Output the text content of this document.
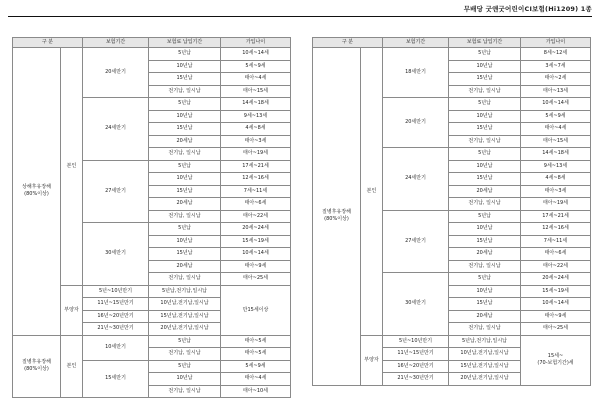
무배당 굿앤굿어린이CI보험(Hi1209) 1종
구 분		보험기간	보험료 납입기간	가입나이
상해후유장해
(80%이상)	본인	20세만기	5년납	10세~14세
			10년납	5세~9세
			15년납	태아~4세
			전기납, 일시납	태아~15세
		24세만기	5년납	14세~18세
			10년납	9세~13세
			15년납	4세~8세
			20세납	태아~3세
			전기납, 일시납	태아~19세
		27세만기	5년납	17세~21세
			10년납	12세~16세
			15년납	7세~11세
			20세납	태아~6세
			전기납, 일시납	태아~22세
		30세만기	5년납	20세~24세
			10년납	15세~19세
			15년납	10세~14세
			20세납	태아~9세
			전기납, 일시납	태아~25세
	부양자	5년~10년만기	5년납,전기납,일시납	만15세이상
		11년~15년만기	10년납,전기납,일시납	
		16년~20년만기	15년납,전기납,일시납	
		21년~30년만기	20년납,전기납,일시납	
질병후유장해
(80%이상)	본인	10세만기	5년납	태아~5세
			전기납, 일시납	태아~5세
		15세만기	5년납	5세~9세
			10년납	태아~4세
			전기납, 일시납	태아~10세
구 분		보험기간	보험료 납입기간	가입나이
질병후유장해
(80%이상)	본인	18세만기	5년납	8세~12세
			10년납	3세~7세
			15년납	태아~2세
			전기납, 일시납	태아~13세
		20세만기	5년납	10세~14세
			10년납	5세~9세
			15년납	태아~4세
			전기납, 일시납	태아~15세
		24세만기	5년납	14세~18세
			10년납	9세~13세
			15년납	4세~8세
			20세납	태아~3세
			전기납, 일시납	태아~19세
		27세만기	5년납	17세~21세
			10년납	12세~16세
			15년납	7세~11세
			20세납	태아~6세
			전기납, 일시납	태아~22세
		30세만기	5년납	20세~24세
			10년납	15세~19세
			15년납	10세~14세
			20세납	태아~9세
			전기납, 일시납	태아~25세
	부양자	5년~10년만기	5년납,전기납,일시납	15세~
(70-보험기간)세
		11년~15년만기	10년납,전기납,일시납	
		16년~20년만기	15년납,전기납,일시납	
		21년~30년만기	20년납,전기납,일시납	
